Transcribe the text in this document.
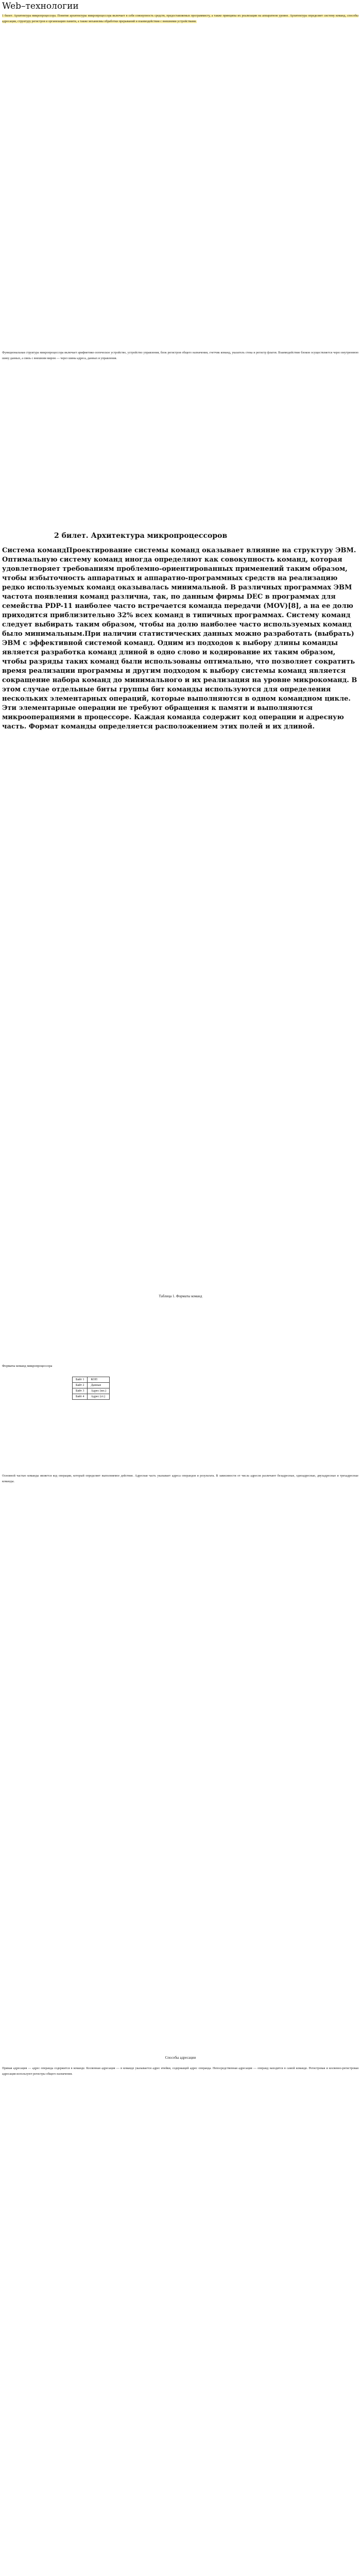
Web–технологии
1 билет. Архитектура микропроцессора. Понятие архитектуры микропроцессора включает в себя совокупность средств, предоставляемых программисту, а также принципы их реализации на аппаратном уровне. Архитектура определяет систему команд, способы адресации, структуру регистров и организацию памяти, а также механизмы обработки прерываний и взаимодействия с внешними устройствами.
Функциональная структура микропроцессора включает арифметико-логическое устройство, устройство управления, блок регистров общего назначения, счетчик команд, указатель стека и регистр флагов. Взаимодействие блоков осуществляется через внутреннюю шину данных, а связь с внешним миром — через шины адреса, данных и управления.
2 билет. Архитектура микропроцессоров
Система командПроектирование системы команд оказывает влияние на структуру ЭВМ. Оптимальную систему команд иногда определяют как совокупность команд, которая удовлетворяет требованиям проблемно-ориентированных применений таким образом, чтобы избыточность аппаратных и аппаратно-программных средств на реализацию редко используемых команд оказывалась минимальной. В различных программах ЭВМ частота появления команд различна, так, по данным фирмы DEC в программах для семейства PDP-11 наиболее часто встречается команда передачи (MOV)[8], а на ее долю приходится приблизительно 32% всех команд в типичных программах. Систему команд следует выбирать таким образом, чтобы на долю наиболее часто используемых команд было минимальным.При наличии статистических данных можно разработать (выбрать) ЭВМ с эффективной системой команд. Одним из подходов к выбору длины команды является разработка команд длиной в одно слово и кодирование их таким образом, чтобы разряды таких команд были использованы оптимально, что позволяет сократить время реализации программы и другим подходом к выбору системы команд является сокращение набора команд до минимального и их реализация на уровне микрокоманд. В этом случае отдельные биты группы бит команды используются для определения нескольких элементарных операций, которые выполняются в одном командном цикле. Эти элементарные операции не требуют обращения к памяти и выполняются микрооперациями в процессоре. Каждая команда содержит код операции и адресную часть. Формат команды определяется расположением этих полей и их длиной.
Таблица 1. Форматы команд
Форматы команд микропроцессора
Байт 1	КОП
Байт 2	Данные
Байт 3	Адрес (мл.)
Байт 4	Адрес (ст.)
Основной частью команды является код операции, который определяет выполняемое действие. Адресная часть указывает адреса операндов и результата. В зависимости от числа адресов различают безадресные, одноадресные, двухадресные и трехадресные команды.
Способы адресации
Прямая адресация — адрес операнда содержится в команде. Косвенная адресация — в команде указывается адрес ячейки, содержащей адрес операнда. Непосредственная адресация — операнд находится в самой команде. Регистровая и косвенно-регистровая адресация используют регистры общего назначения.
